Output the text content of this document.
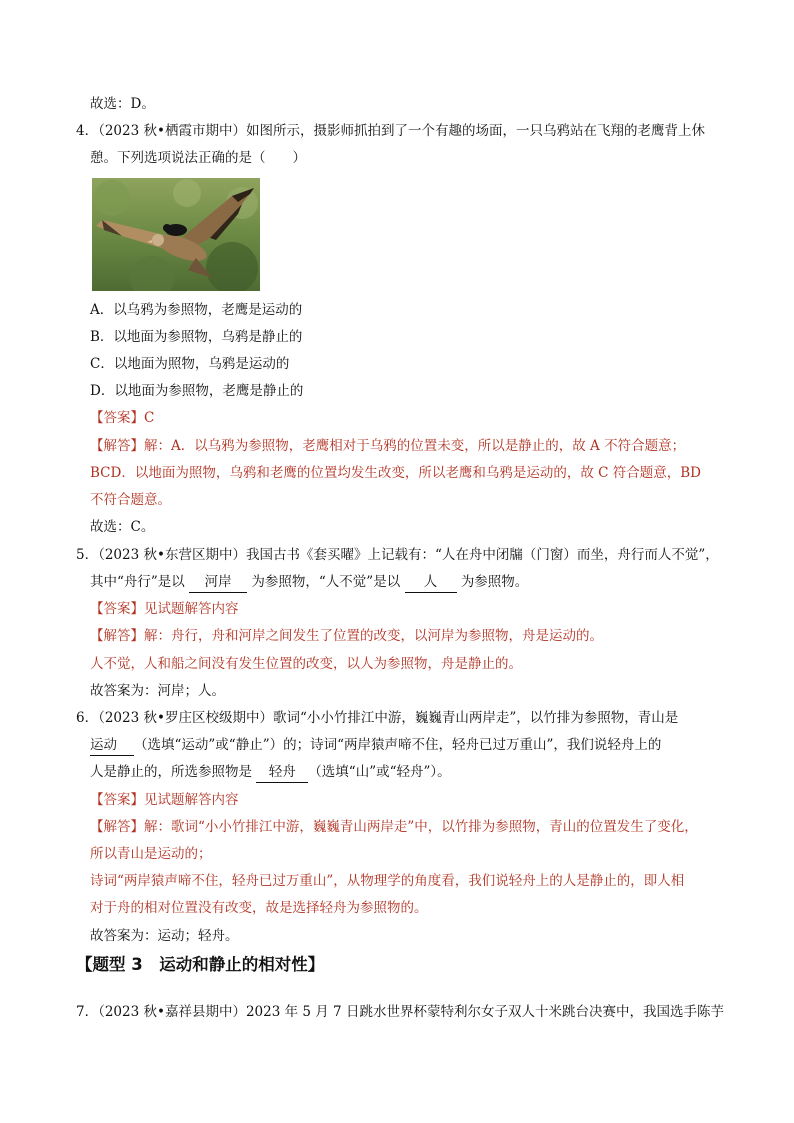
故选：D。
4．（2023 秋•栖霞市期中）如图所示，摄影师抓拍到了一个有趣的场面，一只乌鸦站在飞翔的老鹰背上休
憩。下列选项说法正确的是（　　）
A．以乌鸦为参照物，老鹰是运动的
B．以地面为参照物，乌鸦是静止的
C．以地面为照物，乌鸦是运动的
D．以地面为参照物，老鹰是静止的
【答案】C
【解答】解：A．以乌鸦为参照物，老鹰相对于乌鸦的位置未变，所以是静止的，故 A 不符合题意；
BCD．以地面为照物，乌鸦和老鹰的位置均发生改变，所以老鹰和乌鸦是运动的，故 C 符合题意，BD
不符合题意。
故选：C。
5．（2023 秋•东营区期中）我国古书《套买曜》上记载有：“人在舟中闭牖（门窗）而坐，舟行而人不觉”，
其中“舟行”是以 河岸 为参照物，“人不觉”是以 人 为参照物。
【答案】见试题解答内容
【解答】解：舟行，舟和河岸之间发生了位置的改变，以河岸为参照物，舟是运动的。
人不觉，人和船之间没有发生位置的改变，以人为参照物，舟是静止的。
故答案为：河岸；人。
6．（2023 秋•罗庄区校级期中）歌词“小小竹排江中游，巍巍青山两岸走”，以竹排为参照物，青山是
运动 （选填“运动”或“静止”）的；诗词“两岸猿声啼不住，轻舟已过万重山”，我们说轻舟上的
人是静止的，所选参照物是 轻舟 （选填“山”或“轻舟”）。
【答案】见试题解答内容
【解答】解：歌词“小小竹排江中游，巍巍青山两岸走”中，以竹排为参照物，青山的位置发生了变化，
所以青山是运动的；
诗词“两岸猿声啼不住，轻舟已过万重山”，从物理学的角度看，我们说轻舟上的人是静止的，即人相
对于舟的相对位置没有改变，故是选择轻舟为参照物的。
故答案为：运动；轻舟。
【题型 3　运动和静止的相对性】
7．（2023 秋•嘉祥县期中）2023 年 5 月 7 日跳水世界杯蒙特利尔女子双人十米跳台决赛中，我国选手陈芋
